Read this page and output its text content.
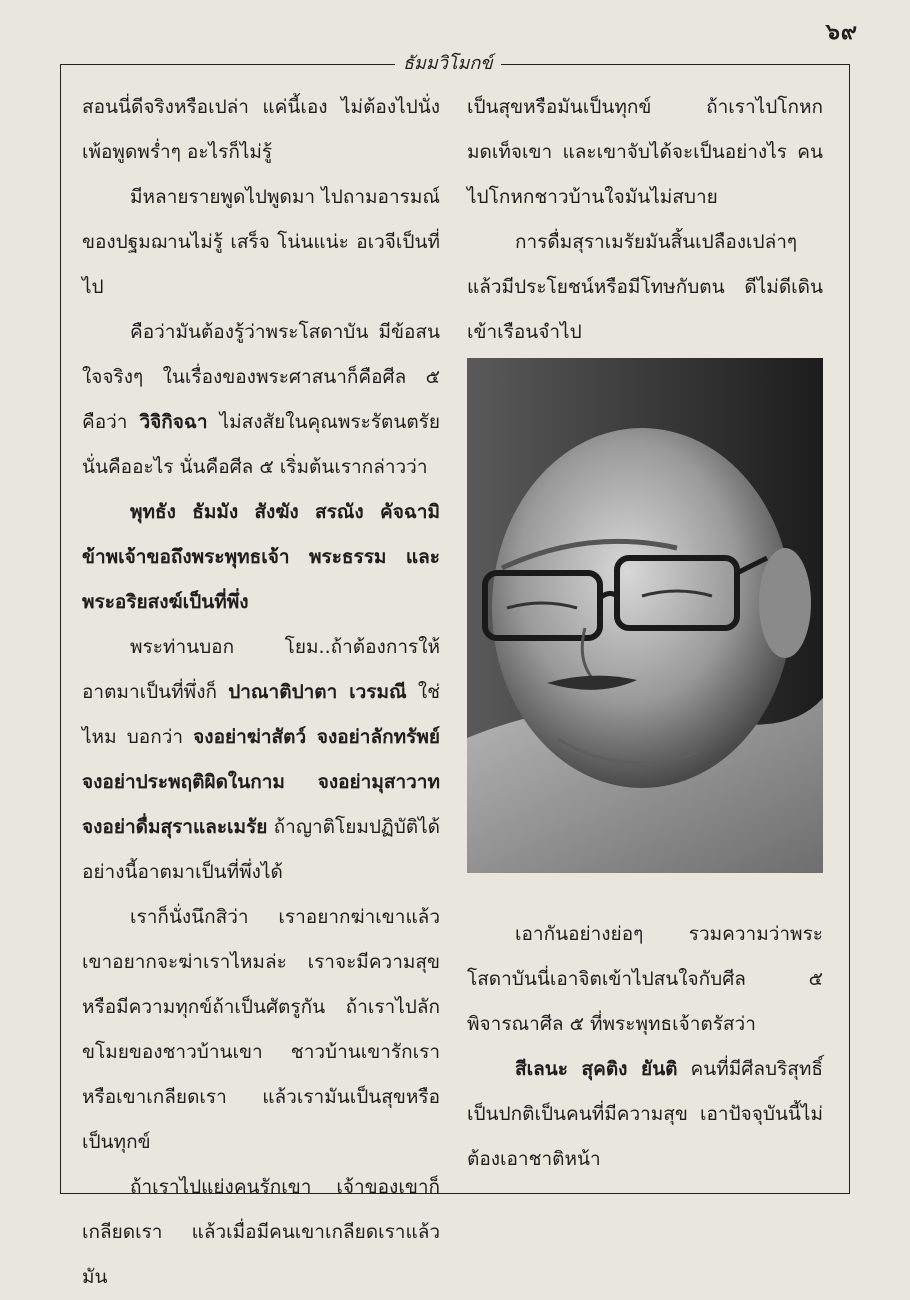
๖๙
ธัมมวิโมกข์

สอนนี่ดีจริงหรือเปล่า แค่นี้เอง ไม่ต้องไปนั่งเพ้อพูดพร่ำๆ อะไรก็ไม่รู้

มีหลายรายพูดไปพูดมา ไปถามอารมณ์ของปฐมฌานไม่รู้ เสร็จ โน่นแน่ะ อเวจีเป็นที่ไป

คือว่ามันต้องรู้ว่าพระโสดาบัน มีข้อสนใจจริงๆ ในเรื่องของพระศาสนาก็คือศีล ๕ คือว่า วิจิกิจฉา ไม่สงสัยในคุณพระรัตนตรัย นั่นคืออะไร นั่นคือศีล ๕ เริ่มต้นเรากล่าวว่า

พุทธัง ธัมมัง สังฆัง สรณัง คัจฉามิ ข้าพเจ้าขอถึงพระพุทธเจ้า พระธรรม และพระอริยสงฆ์เป็นที่พึ่ง

พระท่านบอก โยม..ถ้าต้องการให้อาตมาเป็นที่พึ่งก็ ปาณาติปาตา เวรมณี ใช่ไหม บอกว่า จงอย่าฆ่าสัตว์ จงอย่าลักทรัพย์ จงอย่าประพฤติผิดในกาม จงอย่ามุสาวาท จงอย่าดื่มสุราและเมรัย ถ้าญาติโยมปฏิบัติได้อย่างนี้อาตมาเป็นที่พึ่งได้

เราก็นั่งนึกสิว่า เราอยากฆ่าเขาแล้วเขาอยากจะฆ่าเราไหมล่ะ เราจะมีความสุขหรือมีความทุกข์ถ้าเป็นศัตรูกัน ถ้าเราไปลักขโมยของชาวบ้านเขา ชาวบ้านเขารักเราหรือเขาเกลียดเรา แล้วเรามันเป็นสุขหรือเป็นทุกข์

ถ้าเราไปแย่งคนรักเขา เจ้าของเขาก็เกลียดเรา แล้วเมื่อมีคนเขาเกลียดเราแล้วมัน

เป็นสุขหรือมันเป็นทุกข์ ถ้าเราไปโกหกมดเท็จเขา และเขาจับได้จะเป็นอย่างไร คนไปโกหกชาวบ้านใจมันไม่สบาย

การดื่มสุราเมรัยมันสิ้นเปลืองเปล่าๆ แล้วมีประโยชน์หรือมีโทษกับตน ดีไม่ดีเดินเข้าเรือนจำไป

เอากันอย่างย่อๆ รวมความว่าพระโสดาบันนี่เอาจิตเข้าไปสนใจกับศีล ๕ พิจารณาศีล ๕ ที่พระพุทธเจ้าตรัสว่า

สีเลนะ สุคติง ยันติ คนที่มีศีลบริสุทธิ์เป็นปกติเป็นคนที่มีความสุข เอาปัจจุบันนี้ไม่ต้องเอาชาติหน้า
